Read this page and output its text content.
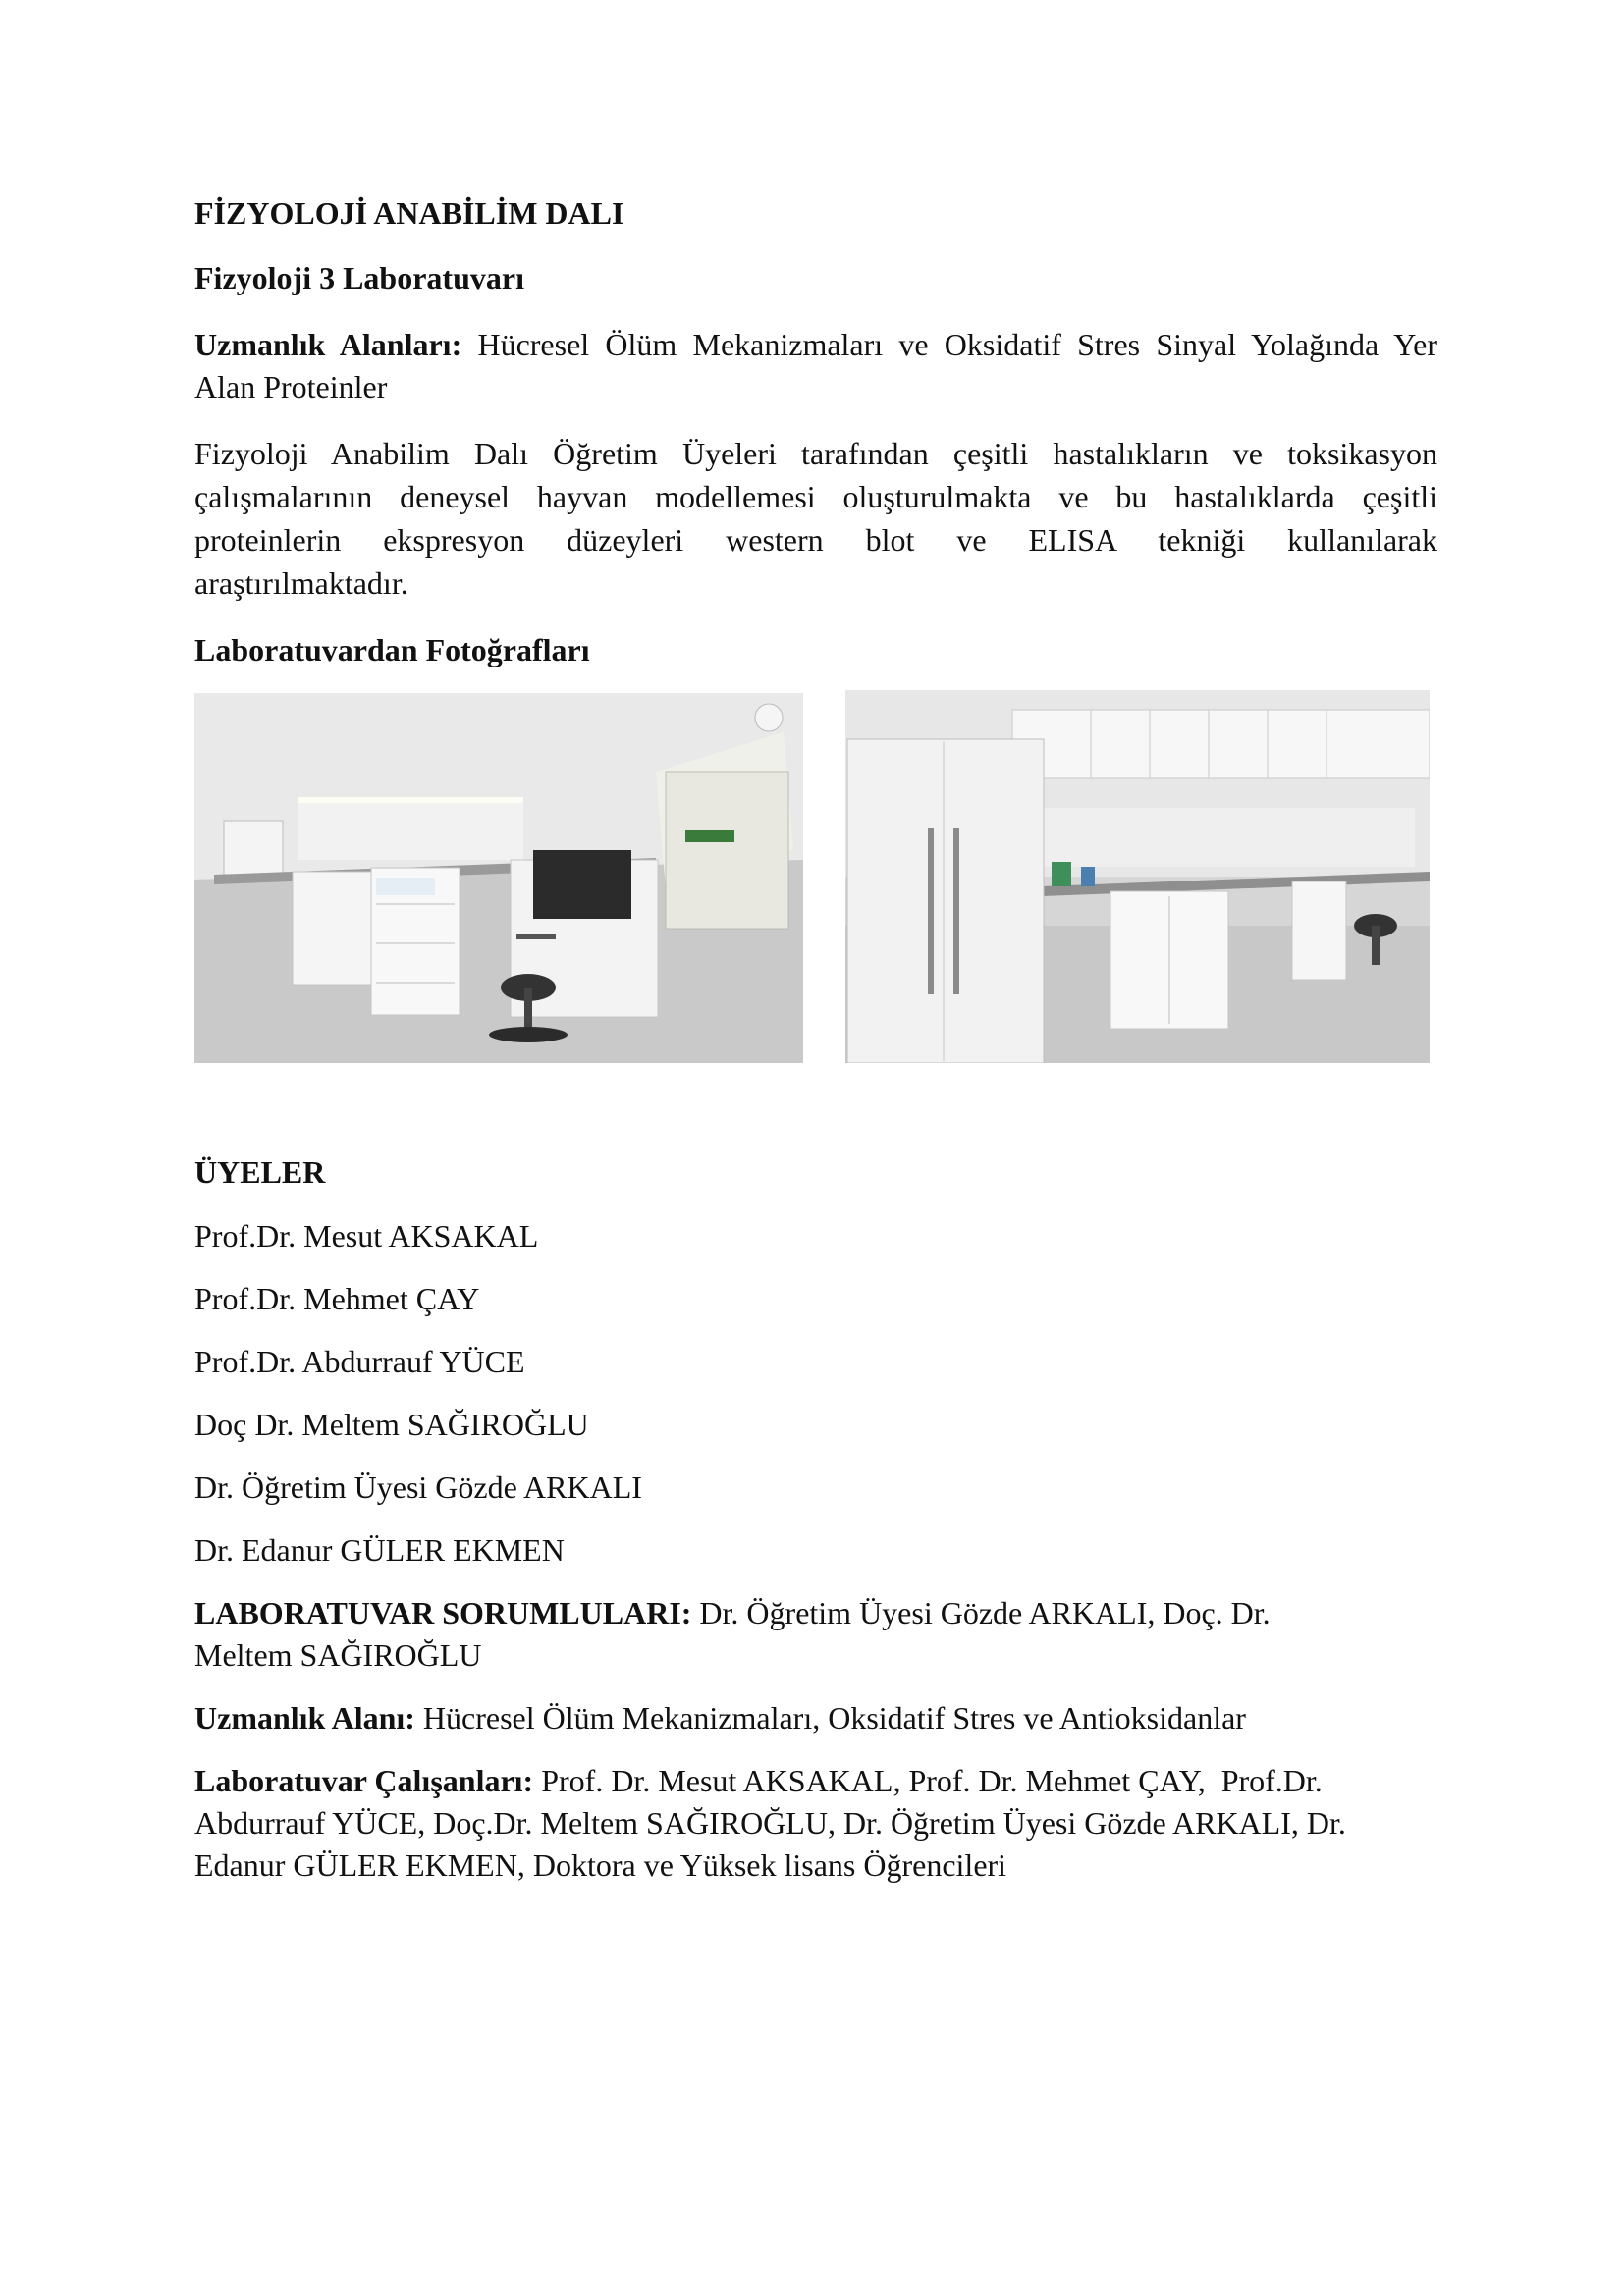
FİZYOLOJİ ANABİLİM DALI

Fizyoloji 3 Laboratuvarı

Uzmanlık Alanları: Hücresel Ölüm Mekanizmaları ve Oksidatif Stres Sinyal Yolağında Yer

Alan Proteinler

Fizyoloji Anabilim Dalı Öğretim Üyeleri tarafından çeşitli hastalıkların ve toksikasyon

çalışmalarının deneysel hayvan modellemesi oluşturulmakta ve bu hastalıklarda çeşitli

proteinlerin ekspresyon düzeyleri western blot ve ELISA tekniği kullanılarak

araştırılmaktadır.

Laboratuvardan Fotoğrafları

ÜYELER

Prof.Dr. Mesut AKSAKAL

Prof.Dr. Mehmet ÇAY

Prof.Dr. Abdurrauf YÜCE

Doç Dr. Meltem SAĞIROĞLU

Dr. Öğretim Üyesi Gözde ARKALI

Dr. Edanur GÜLER EKMEN

LABORATUVAR SORUMLULARI: Dr. Öğretim Üyesi Gözde ARKALI, Doç. Dr.

Meltem SAĞIROĞLU

Uzmanlık Alanı: Hücresel Ölüm Mekanizmaları, Oksidatif Stres ve Antioksidanlar

Laboratuvar Çalışanları: Prof. Dr. Mesut AKSAKAL, Prof. Dr. Mehmet ÇAY,  Prof.Dr.

Abdurrauf YÜCE, Doç.Dr. Meltem SAĞIROĞLU, Dr. Öğretim Üyesi Gözde ARKALI, Dr.

Edanur GÜLER EKMEN, Doktora ve Yüksek lisans Öğrencileri
